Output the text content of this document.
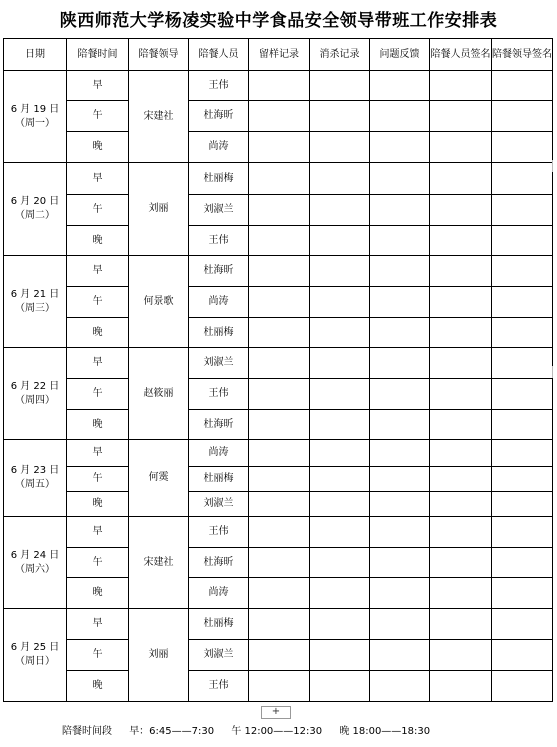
陕西师范大学杨凌实验中学食品安全领导带班工作安排表
日期	陪餐时间	陪餐领导	陪餐人员	留样记录	消杀记录	问题反馈	陪餐人员签名	陪餐领导签名

6 月 19 日
（周一）	早	宋建社	王伟					
	午		杜海昕					
	晚		尚涛					

6 月 20 日
（周二）	早	刘丽	杜丽梅					
	午		刘淑兰					
	晚		王伟					

6 月 21 日
（周三）	早	何景歌	杜海昕					
	午		尚涛					
	晚		杜丽梅					

6 月 22 日
（周四）	早	赵筱丽	刘淑兰					
	午		王伟					
	晚		杜海昕					

6 月 23 日
（周五）	早	何霙	尚涛					
	午		杜丽梅					
	晚		刘淑兰					

6 月 24 日
（周六）	早	宋建社	王伟					
	午		杜海昕					
	晚		尚涛					

6 月 25 日
（周日）	早	刘丽	杜丽梅					
	午		刘淑兰					
	晚		王伟					
+
陪餐时间段 早：6:45——7:30 午 12:00——12:30 晚 18:00——18:30
